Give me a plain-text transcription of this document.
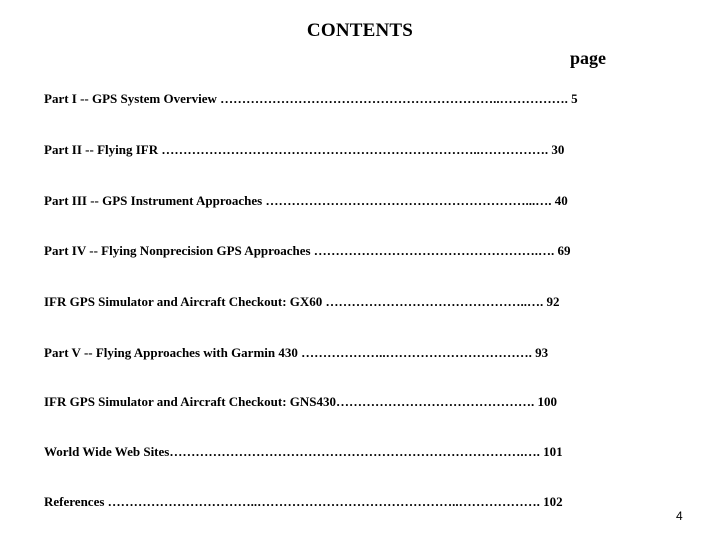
CONTENTS
page
Part I -- GPS System Overview ………………………………………………………..……………. 5
Part II -- Flying IFR ………………………………………………………………..……………. 30
Part III -- GPS Instrument Approaches ……………………………………………………...…. 40
Part IV -- Flying Nonprecision GPS Approaches …………………………………………….…. 69
IFR GPS Simulator and Aircraft Checkout: GX60 ………………………………………..…. 92
Part V -- Flying Approaches with Garmin 430 ………………..……………………………. 93
IFR GPS Simulator and Aircraft Checkout: GNS430………………………………………. 100
World Wide Web Sites……………………………………………………………………….…. 101
References ……………………………..………………………………………..………………. 102
4
